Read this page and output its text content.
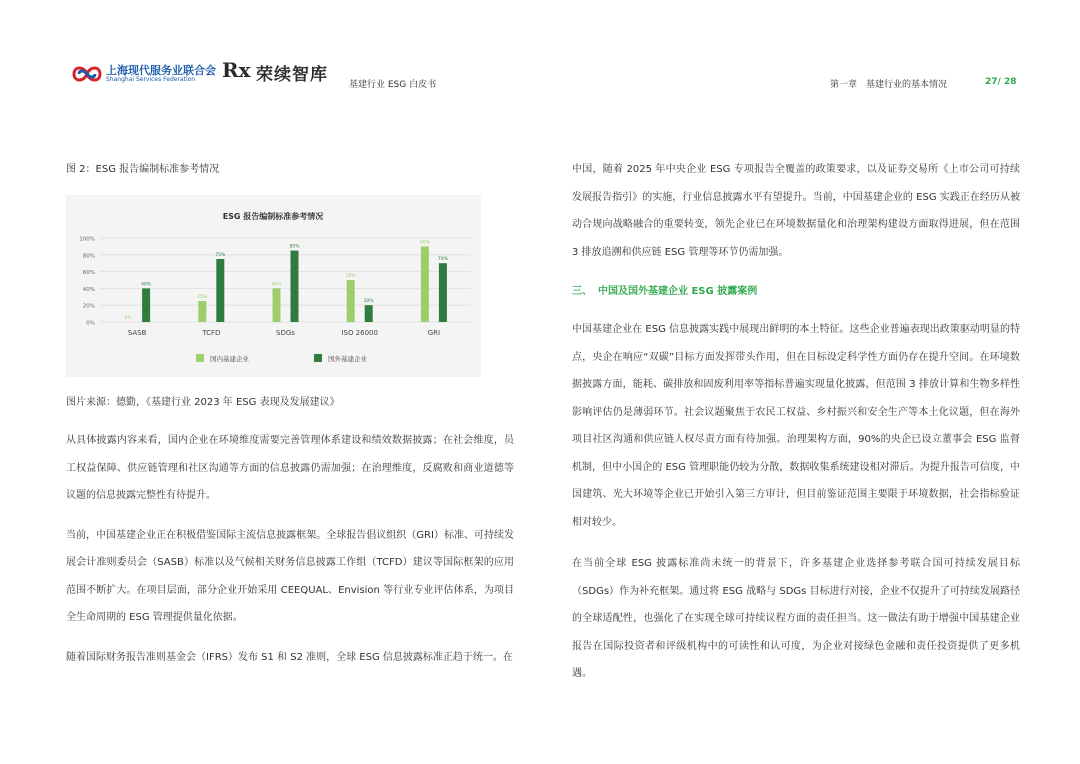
上海现代服务业联合会
Shanghai Services Federation Rx 荣续智库 基建行业 ESG 白皮书	第一章　基建行业的基本情况	27/ 28

图 2：ESG 报告编制标准参考情况

ESG 报告编制标准参考情况
0%
20%
40%
60%
80%
100%
0%
40%
SASB
25%
75%
TCFD
40%
85%
SDGs
50%
20%
ISO 26000
90%
70%
GRI
国内基建企业	国外基建企业

图片来源：德勤，《基建行业 2023 年 ESG 表现及发展建议》

从具体披露内容来看，国内企业在环境维度需要完善管理体系建设和绩效数据披露；在社会维度，员工权益保障、供应链管理和社区沟通等方面的信息披露仍需加强；在治理维度，反腐败和商业道德等议题的信息披露完整性有待提升。

当前，中国基建企业正在积极借鉴国际主流信息披露框架。全球报告倡议组织（GRI）标准、可持续发展会计准则委员会（SASB）标准以及气候相关财务信息披露工作组（TCFD）建议等国际框架的应用范围不断扩大。在项目层面，部分企业开始采用 CEEQUAL、Envision 等行业专业评估体系，为项目全生命周期的 ESG 管理提供量化依据。

随着国际财务报告准则基金会（IFRS）发布 S1 和 S2 准则，全球 ESG 信息披露标准正趋于统一。在

中国，随着 2025 年中央企业 ESG 专项报告全覆盖的政策要求，以及证券交易所《上市公司可持续发展报告指引》的实施，行业信息披露水平有望提升。当前，中国基建企业的 ESG 实践正在经历从被动合规向战略融合的重要转变，领先企业已在环境数据量化和治理架构建设方面取得进展，但在范围 3 排放追溯和供应链 ESG 管理等环节仍需加强。

三、 中国及国外基建企业 ESG 披露案例

中国基建企业在 ESG 信息披露实践中展现出鲜明的本土特征。这些企业普遍表现出政策驱动明显的特点，央企在响应“双碳”目标方面发挥带头作用，但在目标设定科学性方面仍存在提升空间。在环境数据披露方面，能耗、碳排放和固废利用率等指标普遍实现量化披露，但范围 3 排放计算和生物多样性影响评估仍是薄弱环节。社会议题聚焦于农民工权益、乡村振兴和安全生产等本土化议题，但在海外项目社区沟通和供应链人权尽责方面有待加强。治理架构方面，90%的央企已设立董事会 ESG 监督机制，但中小国企的 ESG 管理职能仍较为分散，数据收集系统建设相对滞后。为提升报告可信度，中国建筑、光大环境等企业已开始引入第三方审计，但目前鉴证范围主要限于环境数据，社会指标验证相对较少。

在当前全球 ESG 披露标准尚未统一的背景下，许多基建企业选择参考联合国可持续发展目标（SDGs）作为补充框架。通过将 ESG 战略与 SDGs 目标进行对接，企业不仅提升了可持续发展路径的全球适配性，也强化了在实现全球可持续议程方面的责任担当。这一做法有助于增强中国基建企业报告在国际投资者和评级机构中的可读性和认可度，为企业对接绿色金融和责任投资提供了更多机遇。
